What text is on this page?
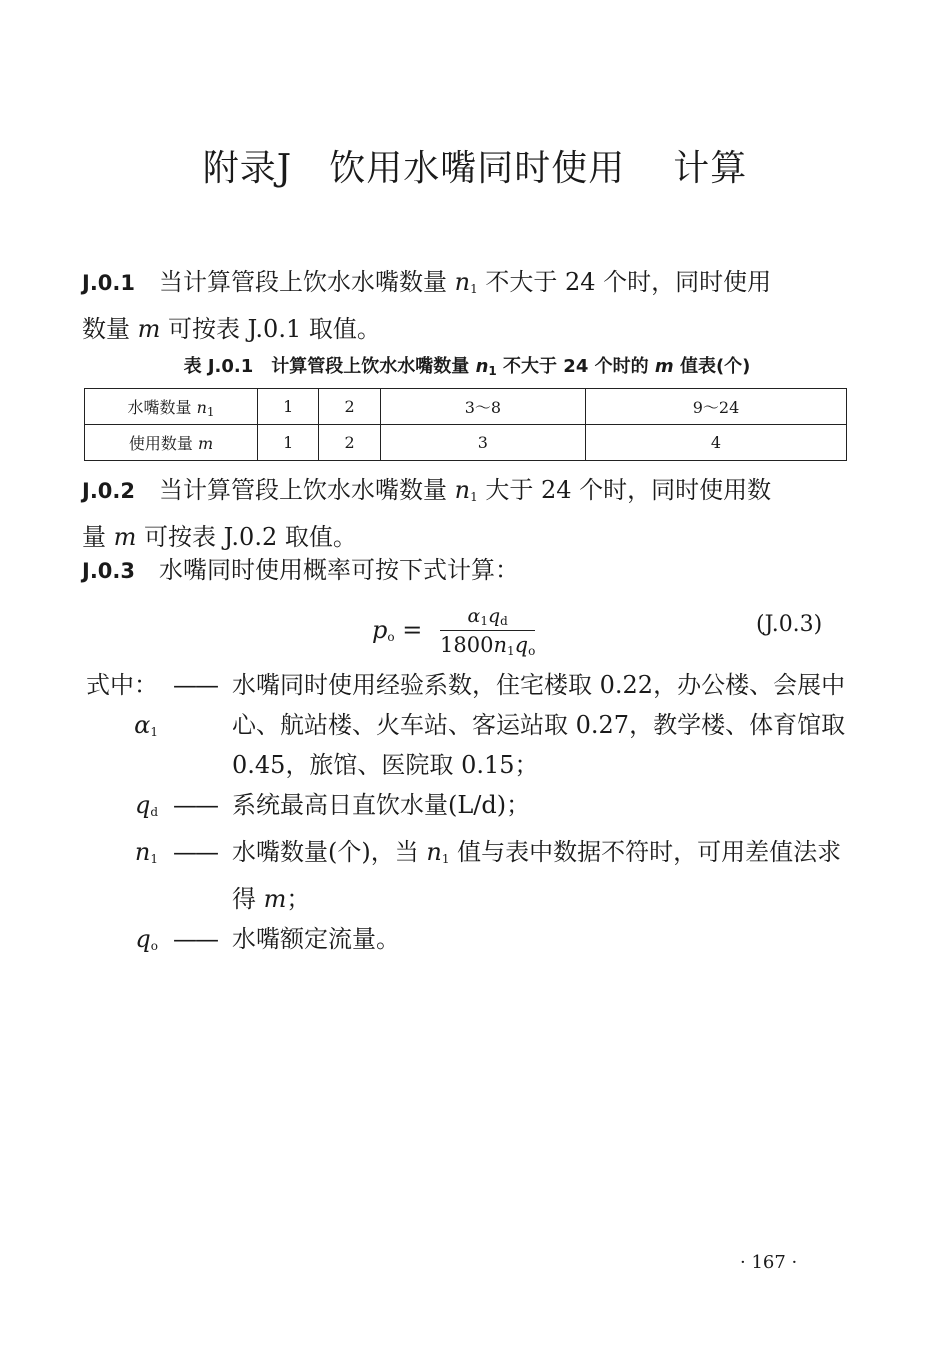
附录J　饮用水嘴同时使用 计算
J.0.1 当计算管段上饮水水嘴数量 $n_1$ 不大于 24 个时，同时使用
数量 m 可按表 J.0.1 取值。
表 J.0.1　计算管段上饮水水嘴数量 $n_1$ 不大于 24 个时的 m 值表(个)
水嘴数量 $n_1$	1	2	3～8	9～24
使用数量 m	1	2	3	4
J.0.2 当计算管段上饮水水嘴数量 $n_1$ 大于 24 个时，同时使用数
量 m 可按表 J.0.2 取值。
J.0.3 水嘴同时使用概率可按下式计算：
$p_o = \frac{\alpha_1q_d}{1800n_1q_o}$	(J.0.3)
式中：$\alpha_1$
—— 水嘴同时使用经验系数，住宅楼取 0.22，办公楼、会展中心、航站楼、火车站、客运站取 0.27，教学楼、体育馆取 0.45，旅馆、医院取 0.15；
$q_d$ —— 系统最高日直饮水量(L/d)；
$n_1$ —— 水嘴数量(个)，当 $n_1$ 值与表中数据不符时，可用差值法求得 m；
$q_o$ —— 水嘴额定流量。
· 167 ·
